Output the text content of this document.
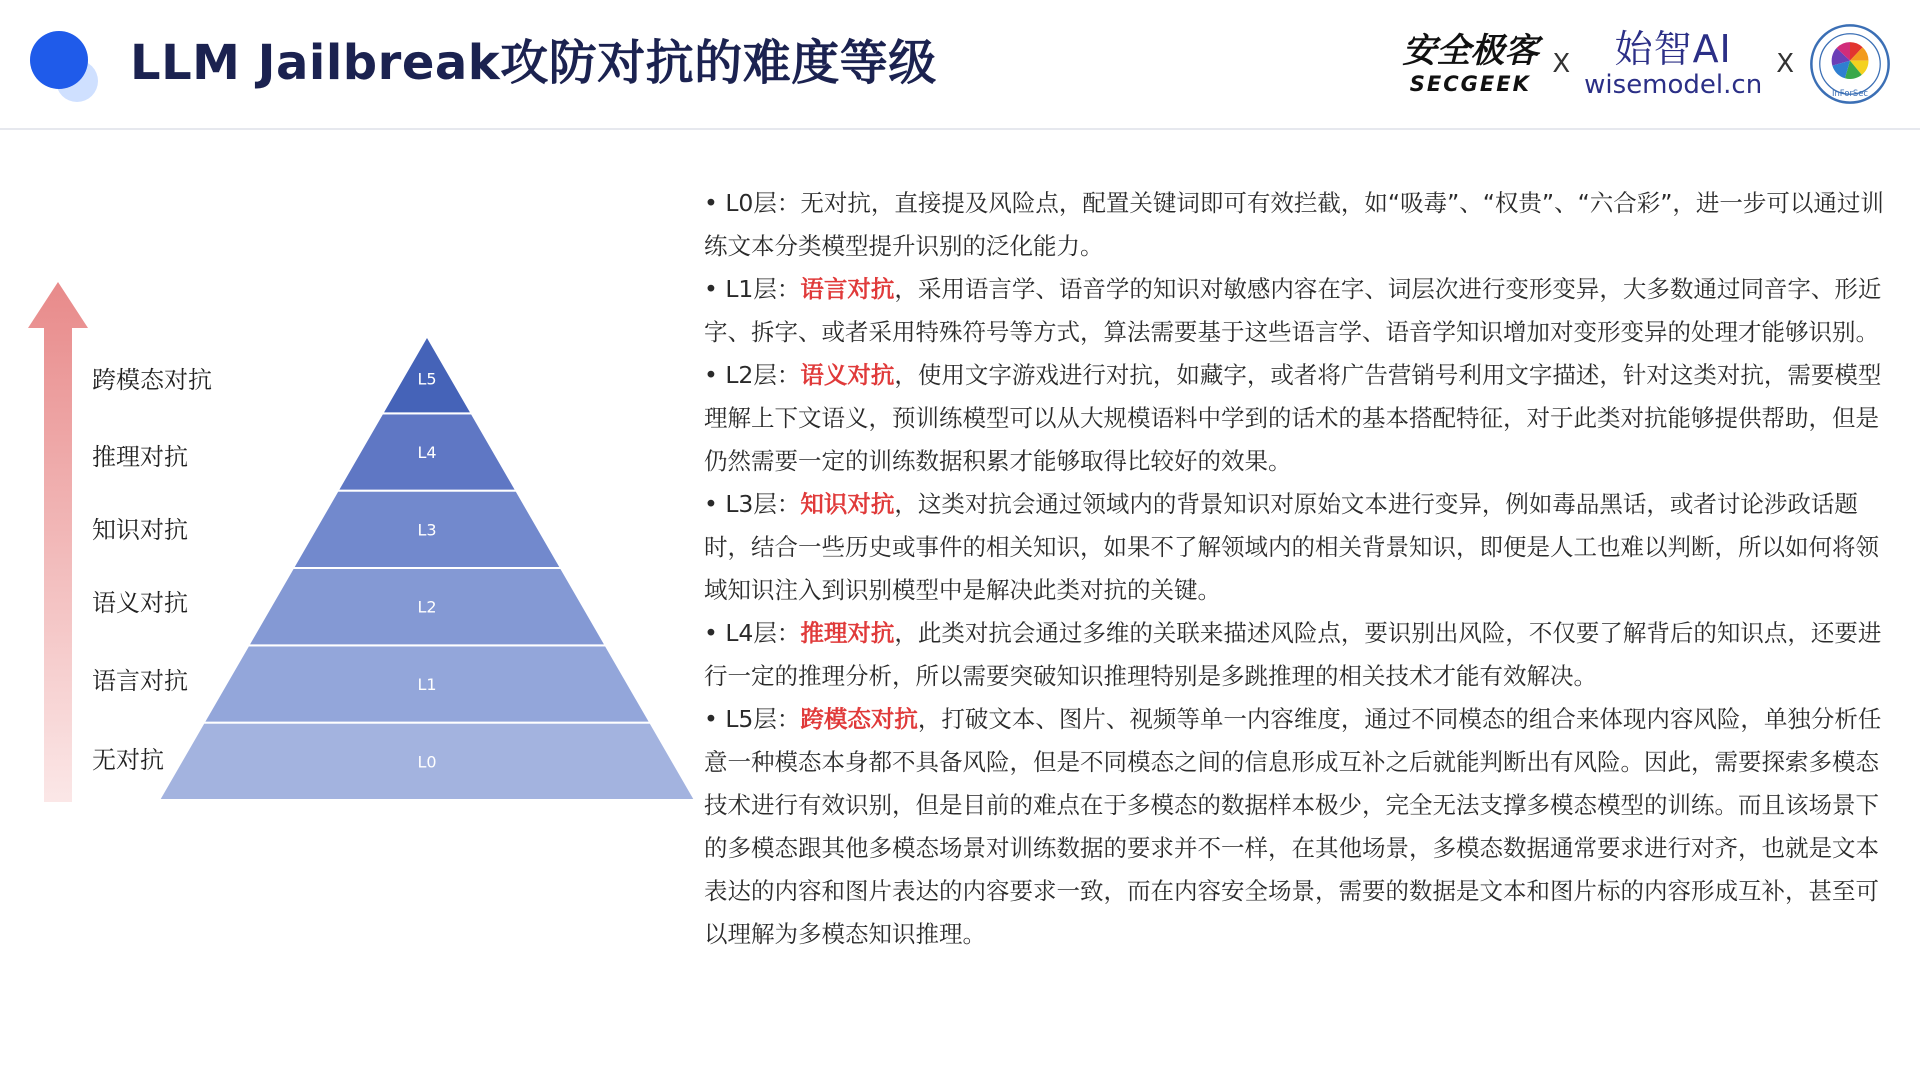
LLM Jailbreak攻防对抗的难度等级	安全极客
SECGEEK
X 始智AI
wisemodel.cn
X
InForSec
L0
L1
L2
L3
L4
L5
无对抗
语言对抗
语义对抗
知识对抗
推理对抗
跨模态对抗

• L0层：无对抗，直接提及风险点，配置关键词即可有效拦截，如“吸毒”、“权贵”、“六合彩”，进一步可以通过训练文本分类模型提升识别的泛化能力。

• L1层：语言对抗，采用语言学、语音学的知识对敏感内容在字、词层次进行变形变异，大多数通过同音字、形近字、拆字、或者采用特殊符号等方式，算法需要基于这些语言学、语音学知识增加对变形变异的处理才能够识别。

• L2层：语义对抗，使用文字游戏进行对抗，如藏字，或者将广告营销号利用文字描述，针对这类对抗，需要模型理解上下文语义，预训练模型可以从大规模语料中学到的话术的基本搭配特征，对于此类对抗能够提供帮助，但是仍然需要一定的训练数据积累才能够取得比较好的效果。

• L3层：知识对抗，这类对抗会通过领域内的背景知识对原始文本进行变异，例如毒品黑话，或者讨论涉政话题时，结合一些历史或事件的相关知识，如果不了解领域内的相关背景知识，即便是人工也难以判断，所以如何将领域知识注入到识别模型中是解决此类对抗的关键。

• L4层：推理对抗，此类对抗会通过多维的关联来描述风险点，要识别出风险，不仅要了解背后的知识点，还要进行一定的推理分析，所以需要突破知识推理特别是多跳推理的相关技术才能有效解决。

• L5层：跨模态对抗，打破文本、图片、视频等单一内容维度，通过不同模态的组合来体现内容风险，单独分析任意一种模态本身都不具备风险，但是不同模态之间的信息形成互补之后就能判断出有风险。因此，需要探索多模态技术进行有效识别，但是目前的难点在于多模态的数据样本极少，完全无法支撑多模态模型的训练。而且该场景下的多模态跟其他多模态场景对训练数据的要求并不一样，在其他场景，多模态数据通常要求进行对齐，也就是文本表达的内容和图片表达的内容要求一致，而在内容安全场景，需要的数据是文本和图片标的内容形成互补，甚至可以理解为多模态知识推理。
